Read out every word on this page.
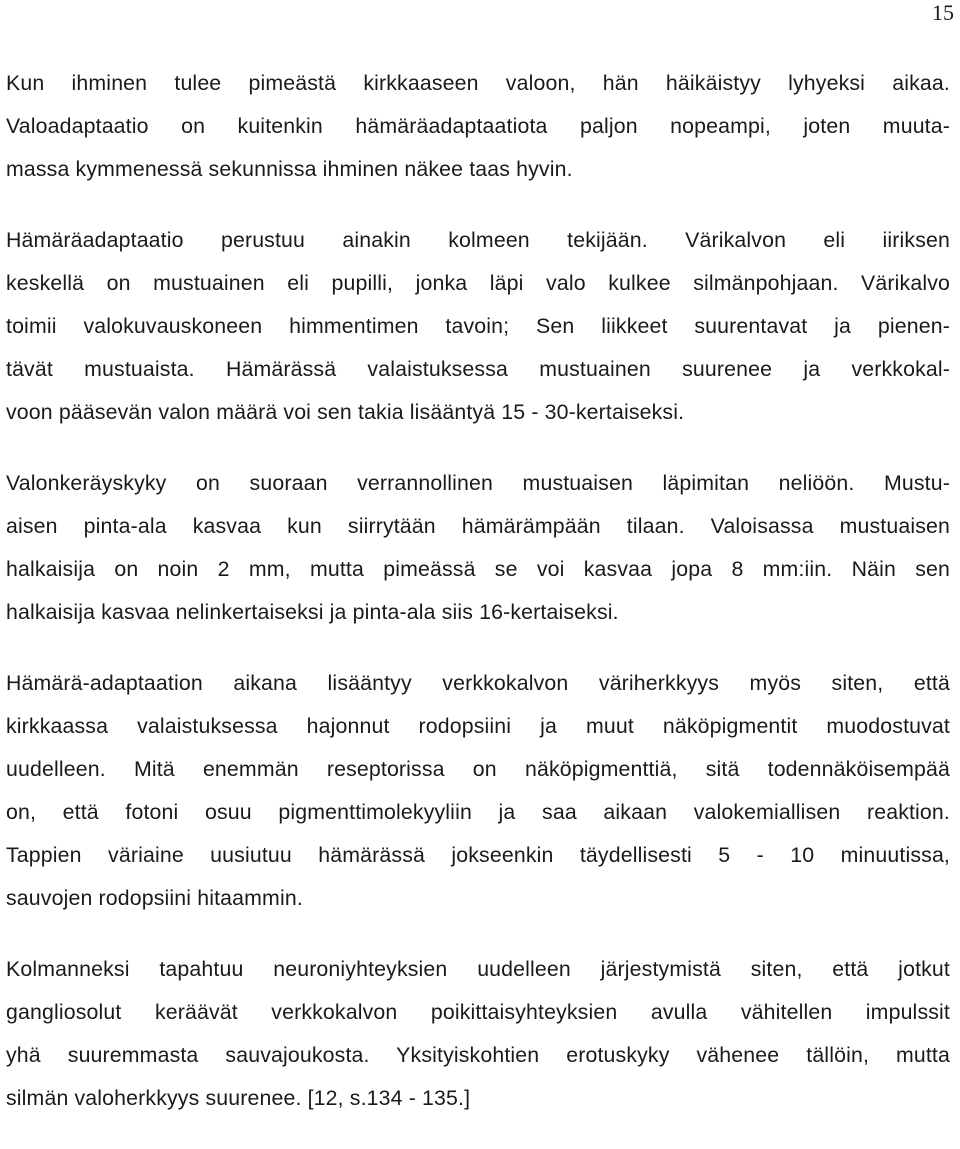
15
Kun ihminen tulee pimeästä kirkkaaseen valoon, hän häikäistyy lyhyeksi aikaa.
Valoadaptaatio on kuitenkin hämäräadaptaatiota paljon nopeampi, joten muuta-
massa kymmenessä sekunnissa ihminen näkee taas hyvin.
Hämäräadaptaatio perustuu ainakin kolmeen tekijään. Värikalvon eli iiriksen
keskellä on mustuainen eli pupilli, jonka läpi valo kulkee silmänpohjaan. Värikalvo
toimii valokuvauskoneen himmentimen tavoin; Sen liikkeet suurentavat ja pienen-
tävät mustuaista. Hämärässä valaistuksessa mustuainen suurenee ja verkkokal-
voon pääsevän valon määrä voi sen takia lisääntyä 15 - 30-kertaiseksi.
Valonkeräyskyky on suoraan verrannollinen mustuaisen läpimitan neliöön. Mustu-
aisen pinta-ala kasvaa kun siirrytään hämärämpään tilaan. Valoisassa mustuaisen
halkaisija on noin 2 mm, mutta pimeässä se voi kasvaa jopa 8 mm:iin. Näin sen
halkaisija kasvaa nelinkertaiseksi ja pinta-ala siis 16-kertaiseksi.
Hämärä-adaptaation aikana lisääntyy verkkokalvon väriherkkyys myös siten, että
kirkkaassa valaistuksessa hajonnut rodopsiini ja muut näköpigmentit muodostuvat
uudelleen. Mitä enemmän reseptorissa on näköpigmenttiä, sitä todennäköisempää
on, että fotoni osuu pigmenttimolekyyliin ja saa aikaan valokemiallisen reaktion.
Tappien väriaine uusiutuu hämärässä jokseenkin täydellisesti 5 - 10 minuutissa,
sauvojen rodopsiini hitaammin.
Kolmanneksi tapahtuu neuroniyhteyksien uudelleen järjestymistä siten, että jotkut
gangliosolut keräävät verkkokalvon poikittaisyhteyksien avulla vähitellen impulssit
yhä suuremmasta sauvajoukosta. Yksityiskohtien erotuskyky vähenee tällöin, mutta
silmän valoherkkyys suurenee. [12, s.134 - 135.]
